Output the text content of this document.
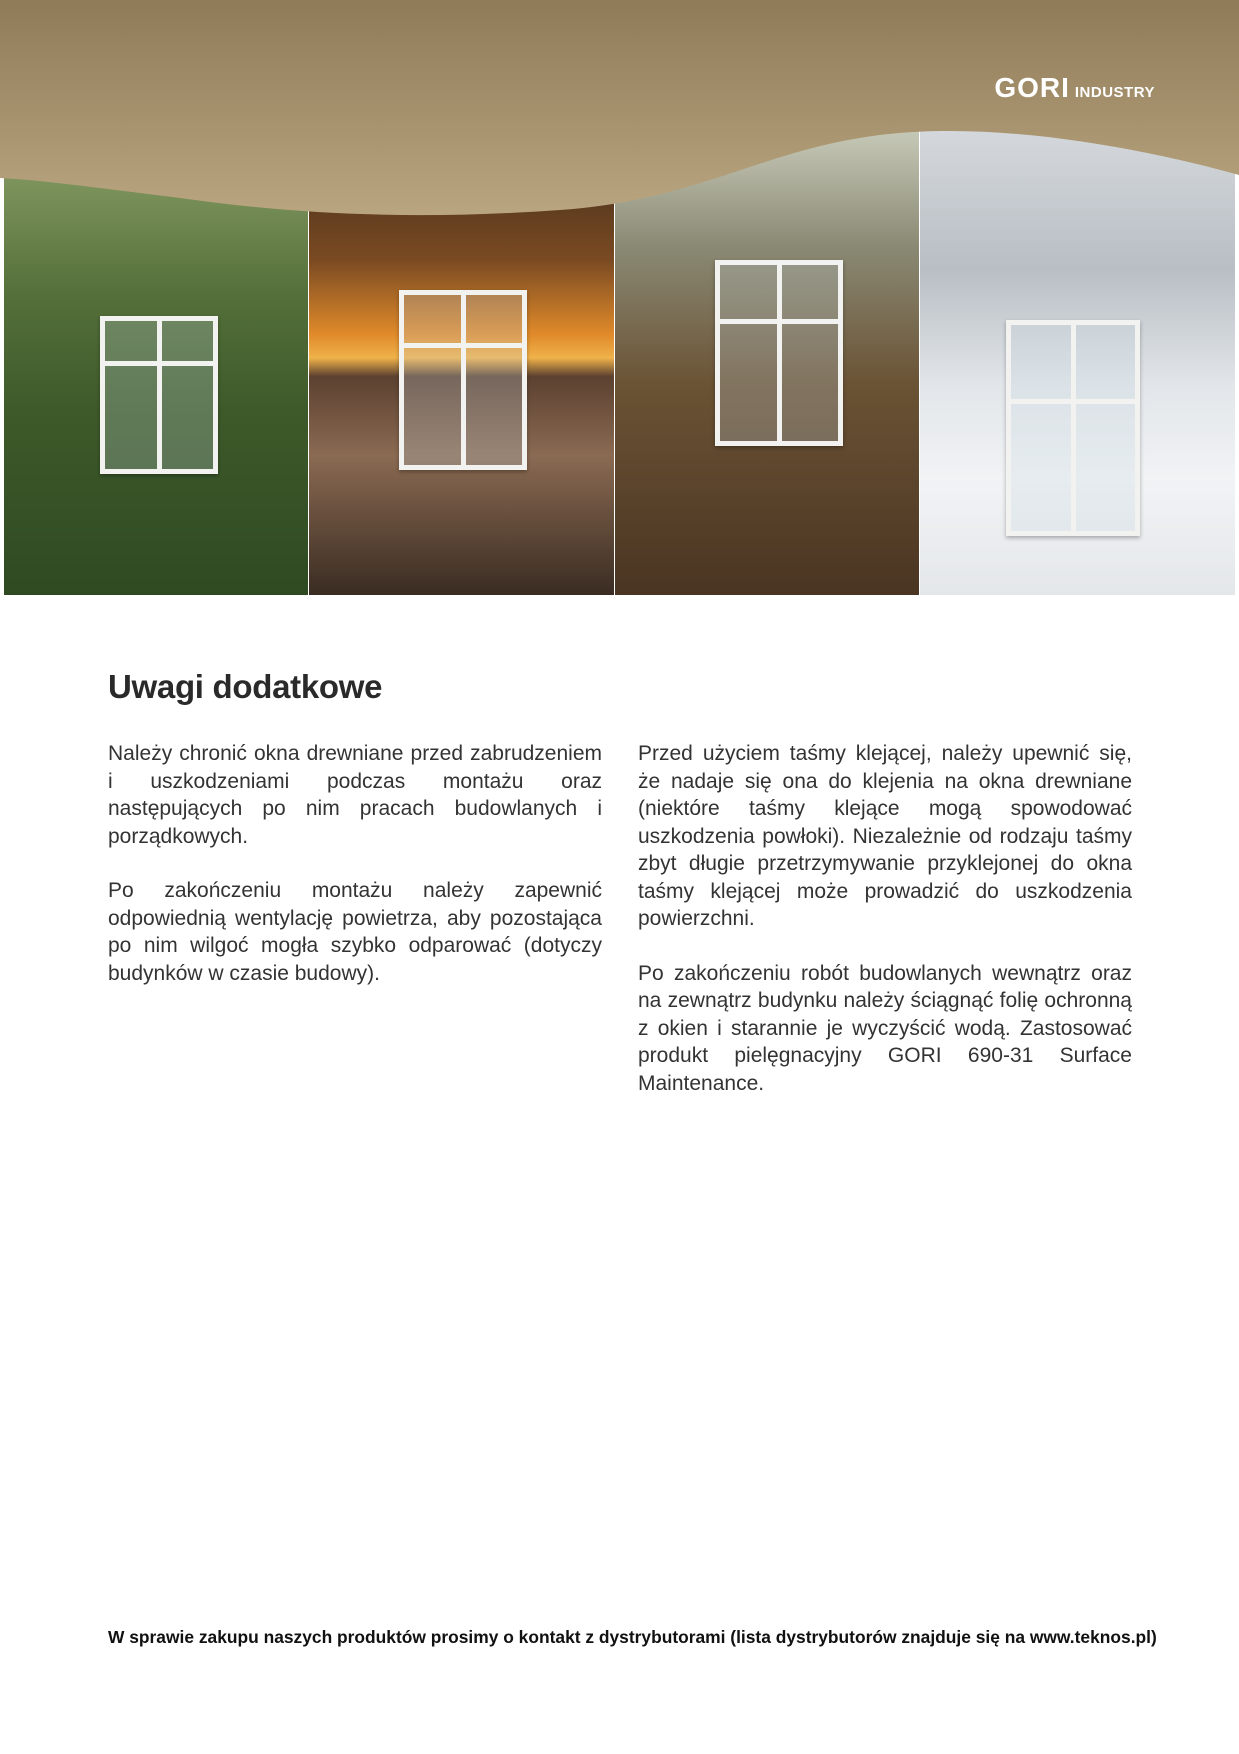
GORI INDUSTRY
Uwagi dodatkowe

Należy chronić okna drewniane przed zabrudzeniem i uszkodzeniami podczas montażu oraz następujących po nim pracach budowlanych i porządkowych.

Po zakończeniu montażu należy zapewnić odpowiednią wentylację powietrza, aby pozostająca po nim wilgoć mogła szybko odparować (dotyczy budynków w czasie budowy).

Przed użyciem taśmy klejącej, należy upewnić się, że nadaje się ona do klejenia na okna drewniane (niektóre taśmy klejące mogą spowodować uszkodzenia powłoki). Niezależnie od rodzaju taśmy zbyt długie przetrzymywanie przyklejonej do okna taśmy klejącej może prowadzić do uszkodzenia powierzchni.

Po zakończeniu robót budowlanych wewnątrz oraz na zewnątrz budynku należy ściągnąć folię ochronną z okien i starannie je wyczyścić wodą. Zastosować produkt pielęgnacyjny GORI 690-31 Surface Maintenance.

W sprawie zakupu naszych produktów prosimy o kontakt z dystrybutorami (lista dystrybutorów znajduje się na www.teknos.pl)
